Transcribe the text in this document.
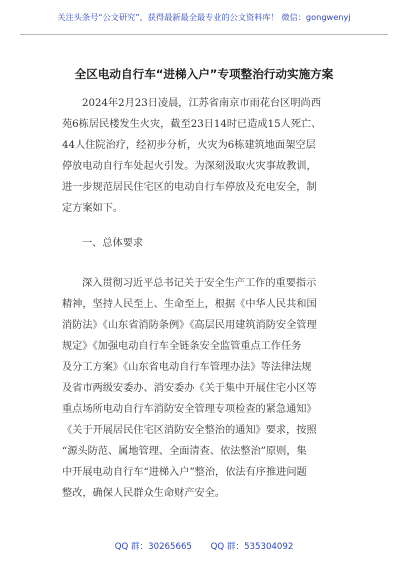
关注头条号“公文研究”，获得最新最全最专业的公文资料库！ 微信：gongwenyj
全区电动自行车“进梯入户”专项整治行动实施方案
2024年2月23日凌晨，江苏省南京市雨花台区明尚西
苑6栋居民楼发生火灾，截至23日14时已造成15人死亡、
44人住院治疗，经初步分析，火灾为6栋建筑地面架空层
停放电动自行车处起火引发。为深刻汲取火灾事故教训，
进一步规范居民住宅区的电动自行车停放及充电安全，制
定方案如下。
一、总体要求
深入贯彻习近平总书记关于安全生产工作的重要指示
精神，坚持人民至上、生命至上，根据《中华人民共和国
消防法》《山东省消防条例》《高层民用建筑消防安全管理
规定》《加强电动自行车全链条安全监管重点工作任务
及分工方案》《山东省电动自行车管理办法》等法律法规
及省市两级安委办、消安委办《关于集中开展住宅小区等
重点场所电动自行车消防安全管理专项检查的紧急通知》
《关于开展居民住宅区消防安全整治的通知》要求，按照
“源头防范、属地管理、全面清查、依法整治”原则，集
中开展电动自行车“进梯入户”整治，依法有序推进问题
整改，确保人民群众生命财产安全。
QQ 群：30265665 QQ 群：535304092
